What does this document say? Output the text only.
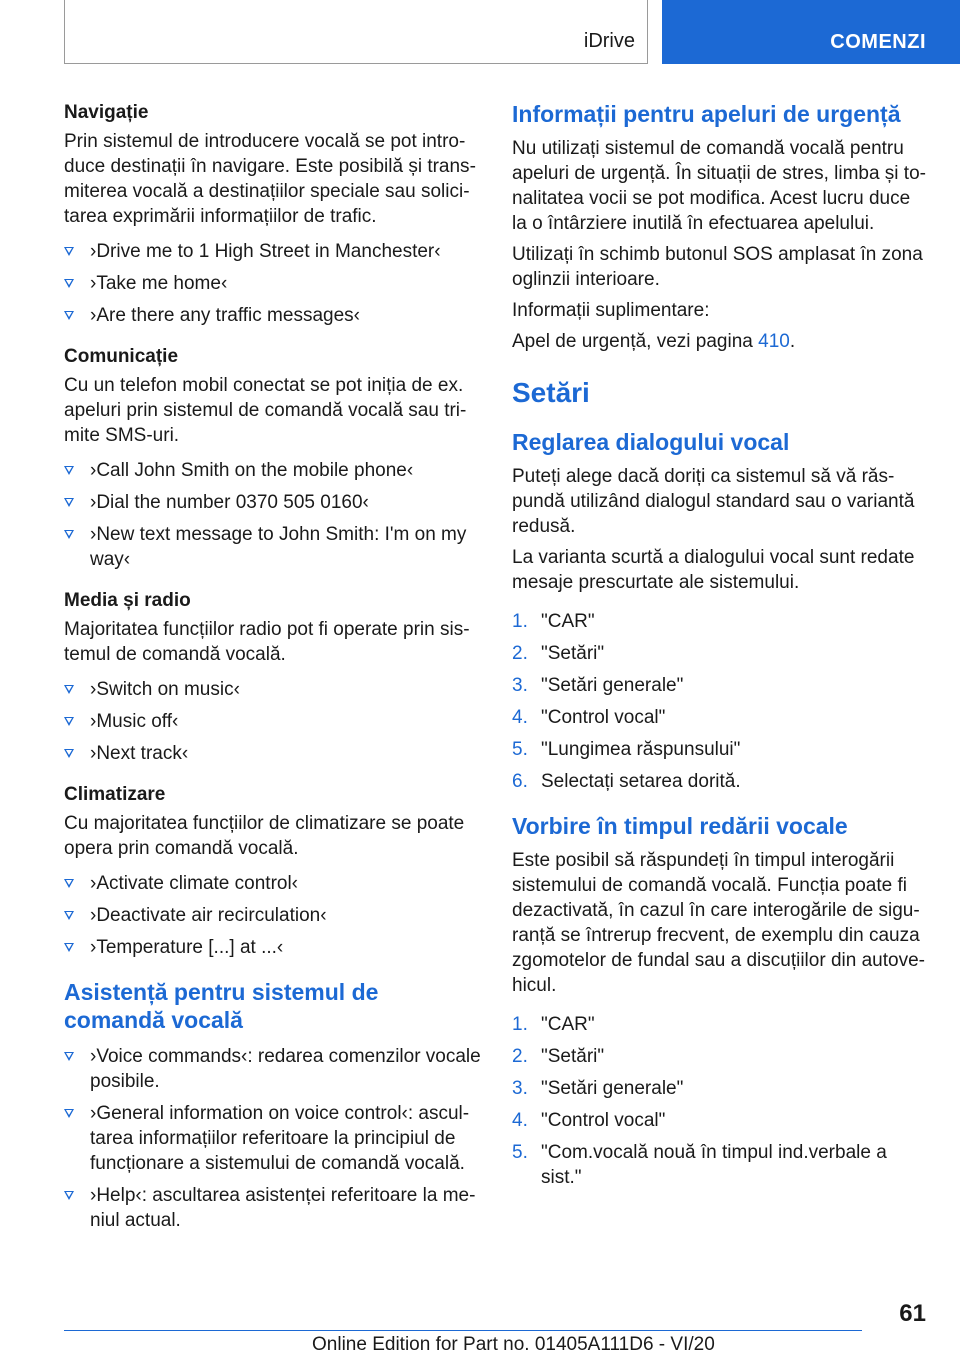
iDrive	COMENZI
Navigație

Prin sistemul de introducere vocală se pot introduce destinații în navigare. Este posibilă și transmiterea vocală a destinațiilor speciale sau solicitarea exprimării informațiilor de trafic.

›Drive me to 1 High Street in Manchester‹
›Take me home‹
›Are there any traffic messages‹
Comunicație

Cu un telefon mobil conectat se pot iniția de ex. apeluri prin sistemul de comandă vocală sau trimite SMS-uri.

›Call John Smith on the mobile phone‹
›Dial the number 0370 505 0160‹
›New text message to John Smith: I'm on my way‹
Media și radio

Majoritatea funcțiilor radio pot fi operate prin sistemul de comandă vocală.

›Switch on music‹
›Music off‹
›Next track‹
Climatizare

Cu majoritatea funcțiilor de climatizare se poate opera prin comandă vocală.

›Activate climate control‹
›Deactivate air recirculation‹
›Temperature [...] at ...‹
Asistență pentru sistemul de comandă vocală
›Voice commands‹: redarea comenzilor vocale posibile.
›General information on voice control‹: ascultarea informațiilor referitoare la principiul de funcționare a sistemului de comandă vocală.
›Help‹: ascultarea asistenței referitoare la meniul actual.
Informații pentru apeluri de urgență

Nu utilizați sistemul de comandă vocală pentru apeluri de urgență. În situații de stres, limba și tonalitatea vocii se pot modifica. Acest lucru duce la o întârziere inutilă în efectuarea apelului.

Utilizați în schimb butonul SOS amplasat în zona oglinzii interioare.

Informații suplimentare:

Apel de urgență, vezi pagina 410.

Setări
Reglarea dialogului vocal

Puteți alege dacă doriți ca sistemul să vă răspundă utilizând dialogul standard sau o variantă redusă.

La varianta scurtă a dialogului vocal sunt redate mesaje prescurtate ale sistemului.

1. "CAR"
2. "Setări"
3. "Setări generale"
4. "Control vocal"
5. "Lungimea răspunsului"
6. Selectați setarea dorită.
Vorbire în timpul redării vocale

Este posibil să răspundeți în timpul interogării sistemului de comandă vocală. Funcția poate fi dezactivată, în cazul în care interogările de siguranță se întrerup frecvent, de exemplu din cauza zgomotelor de fundal sau a discuțiilor din autovehicul.

1. "CAR"
2. "Setări"
3. "Setări generale"
4. "Control vocal"
5. "Com.vocală nouă în timpul ind.verbale a sist."
61
Online Edition for Part no. 01405A111D6 - VI/20
